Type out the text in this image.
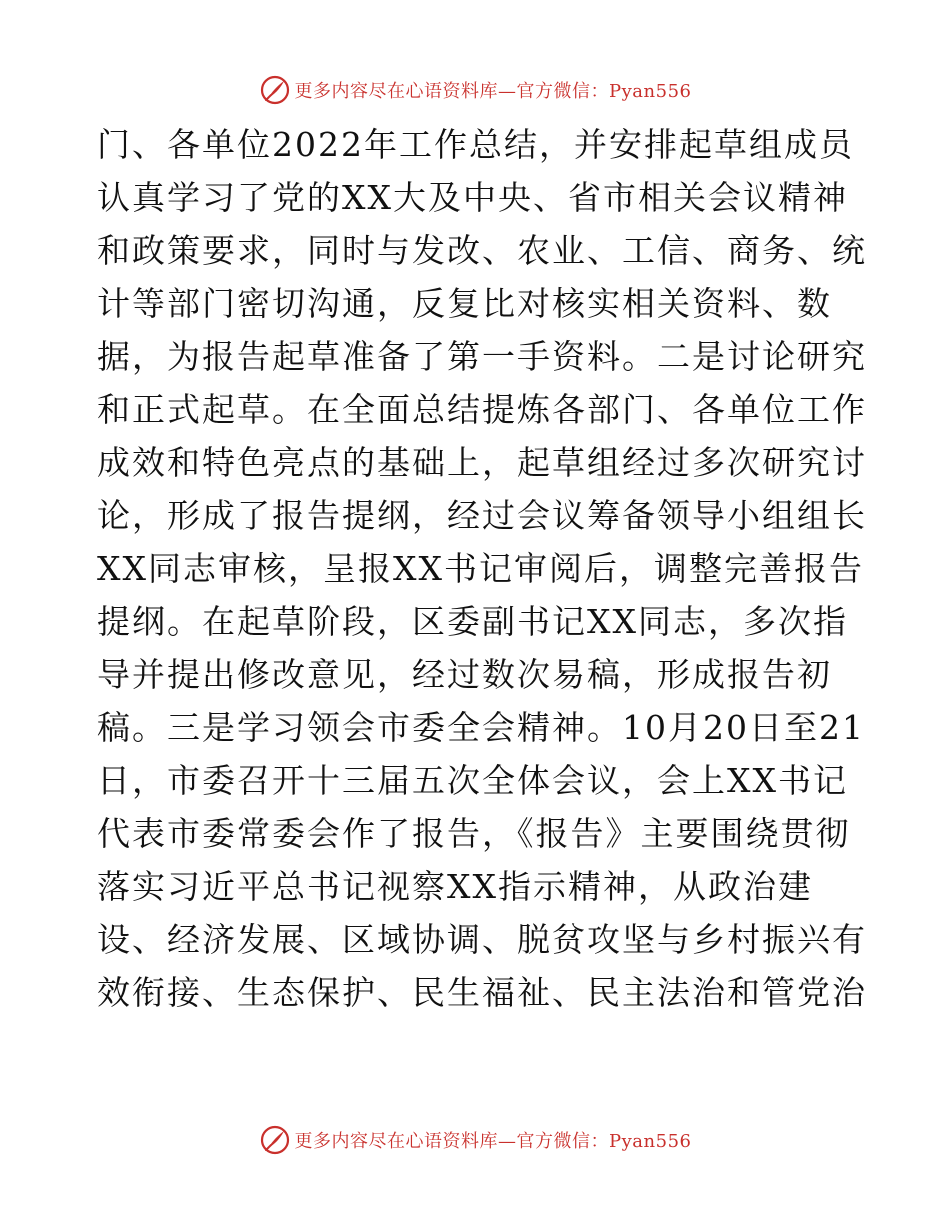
更多内容尽在心语资料库—官方微信：Pyan556
门、各单位2022年工作总结，并安排起草组成员
认真学习了党的XX大及中央、省市相关会议精神
和政策要求，同时与发改、农业、工信、商务、统
计等部门密切沟通，反复比对核实相关资料、数
据，为报告起草准备了第一手资料。二是讨论研究
和正式起草。在全面总结提炼各部门、各单位工作
成效和特色亮点的基础上，起草组经过多次研究讨
论，形成了报告提纲，经过会议筹备领导小组组长
XX同志审核，呈报XX书记审阅后，调整完善报告
提纲。在起草阶段，区委副书记XX同志，多次指
导并提出修改意见，经过数次易稿，形成报告初
稿。三是学习领会市委全会精神。10月20日至21
日，市委召开十三届五次全体会议，会上XX书记
代表市委常委会作了报告，《报告》主要围绕贯彻
落实习近平总书记视察XX指示精神，从政治建
设、经济发展、区域协调、脱贫攻坚与乡村振兴有
效衔接、生态保护、民生福祉、民主法治和管党治
更多内容尽在心语资料库—官方微信：Pyan556
